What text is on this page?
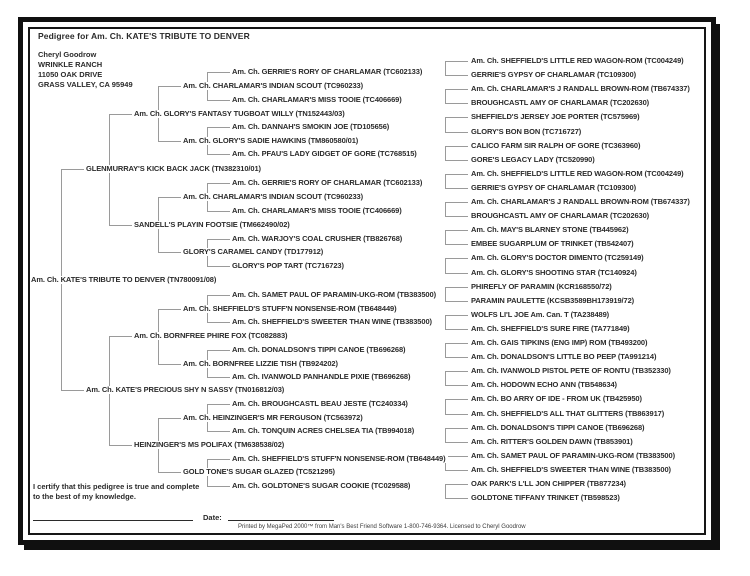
Pedigree for Am. Ch. KATE'S TRIBUTE TO DENVER
Cheryl Goodrow
WRINKLE RANCH
11050 OAK DRIVE
GRASS VALLEY, CA 95949
Am. Ch. KATE'S TRIBUTE TO DENVER (TN780091/08)
GLENMURRAY'S KICK BACK JACK (TN382310/01)
Am. Ch. KATE'S PRECIOUS SHY N SASSY (TN016812/03)
Am. Ch. GLORY'S FANTASY TUGBOAT WILLY (TN152443/03)
SANDELL'S PLAYIN FOOTSIE (TM662490/02)
Am. Ch. BORNFREE PHIRE FOX (TC082883)
HEINZINGER'S MS POLIFAX (TM638538/02)
Am. Ch. CHARLAMAR'S INDIAN SCOUT (TC960233)
Am. Ch. GLORY'S SADIE HAWKINS (TM860580/01)
Am. Ch. CHARLAMAR'S INDIAN SCOUT (TC960233)
GLORY'S CARAMEL CANDY (TD177912)
Am. Ch. SHEFFIELD'S STUFF'N NONSENSE-ROM (TB648449)
Am. Ch. BORNFREE LIZZIE TISH (TB924202)
Am. Ch. HEINZINGER'S MR FERGUSON (TC563972)
GOLD TONE'S SUGAR GLAZED (TC521295)
Am. Ch. GERRIE'S RORY OF CHARLAMAR (TC602133)
Am. Ch. CHARLAMAR'S MISS TOOIE (TC406669)
Am. Ch. DANNAH'S SMOKIN JOE (TD105656)
Am. Ch. PFAU'S LADY GIDGET OF GORE (TC768515)
Am. Ch. GERRIE'S RORY OF CHARLAMAR (TC602133)
Am. Ch. CHARLAMAR'S MISS TOOIE (TC406669)
Am. Ch. WARJOY'S COAL CRUSHER (TB826768)
GLORY'S POP TART (TC716723)
Am. Ch. SAMET PAUL OF PARAMIN-UKG-ROM (TB383500)
Am. Ch. SHEFFIELD'S SWEETER THAN WINE (TB383500)
Am. Ch. DONALDSON'S TIPPI CANOE (TB696268)
Am. Ch. IVANWOLD PANHANDLE PIXIE (TB696268)
Am. Ch. BROUGHCASTL BEAU JESTE (TC240334)
Am. Ch. TONQUIN ACRES CHELSEA TIA (TB994018)
Am. Ch. SHEFFIELD'S STUFF'N NONSENSE-ROM (TB648449)
Am. Ch. GOLDTONE'S SUGAR COOKIE (TC029588)
Am. Ch. SHEFFIELD'S LITTLE RED WAGON-ROM (TC004249)
GERRIE'S GYPSY OF CHARLAMAR (TC109300)
Am. Ch. CHARLAMAR'S J RANDALL BROWN-ROM (TB674337)
BROUGHCASTL AMY OF CHARLAMAR (TC202630)
SHEFFIELD'S JERSEY JOE PORTER (TC575969)
GLORY'S BON BON (TC716727)
CALICO FARM SIR RALPH OF GORE (TC363960)
GORE'S LEGACY LADY (TC520990)
Am. Ch. SHEFFIELD'S LITTLE RED WAGON-ROM (TC004249)
GERRIE'S GYPSY OF CHARLAMAR (TC109300)
Am. Ch. CHARLAMAR'S J RANDALL BROWN-ROM (TB674337)
BROUGHCASTL AMY OF CHARLAMAR (TC202630)
Am. Ch. MAY'S BLARNEY STONE (TB445962)
EMBEE SUGARPLUM OF TRINKET (TB542407)
Am. Ch. GLORY'S DOCTOR DIMENTO (TC259149)
Am. Ch. GLORY'S SHOOTING STAR (TC140924)
PHIREFLY OF PARAMIN (KCR168550/72)
PARAMIN PAULETTE (KCSB3589BH173919/72)
WOLFS LI'L JOE Am. Can. T (TA238489)
Am. Ch. SHEFFIELD'S SURE FIRE (TA771849)
Am. Ch. GAIS TIPKINS (ENG IMP) ROM (TB493200)
Am. Ch. DONALDSON'S LITTLE BO PEEP (TA991214)
Am. Ch. IVANWOLD PISTOL PETE OF RONTU (TB352330)
Am. Ch. HODOWN ECHO ANN (TB548634)
Am. Ch. BO ARRY OF IDE - FROM UK (TB425950)
Am. Ch. SHEFFIELD'S ALL THAT GLITTERS (TB863917)
Am. Ch. DONALDSON'S TIPPI CANOE (TB696268)
Am. Ch. RITTER'S GOLDEN DAWN (TB853901)
Am. Ch. SAMET PAUL OF PARAMIN-UKG-ROM (TB383500)
Am. Ch. SHEFFIELD'S SWEETER THAN WINE (TB383500)
OAK PARK'S L'LL JON CHIPPER (TB877234)
GOLDTONE TIFFANY TRINKET (TB598523)
I certify that this pedigree is true and complete
to the best of my knowledge.
Date:
Printed by MegaPed 2000™ from Man's Best Friend Software 1-800-746-9364. Licensed to Cheryl Goodrow
